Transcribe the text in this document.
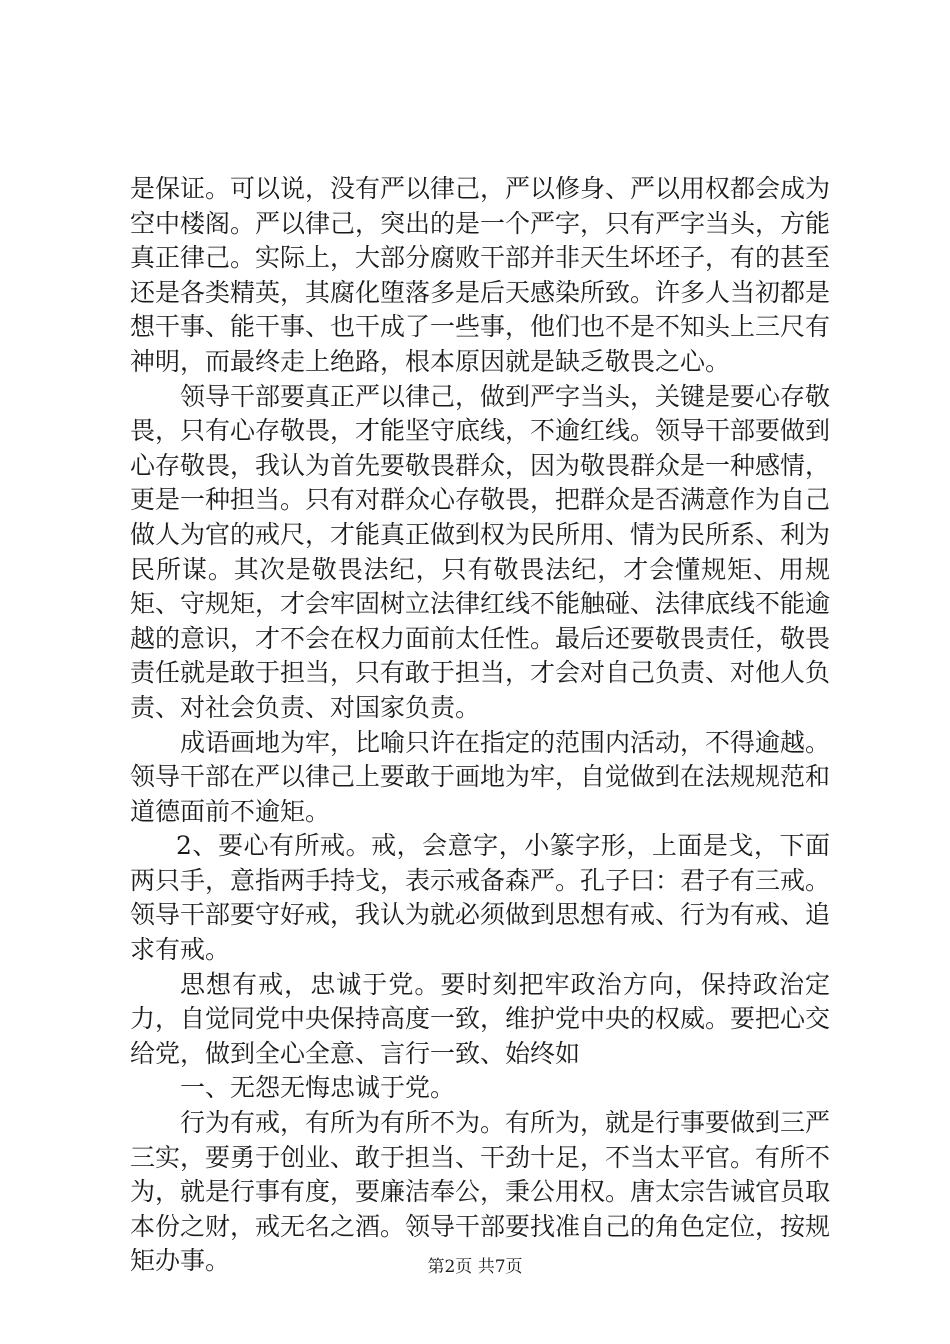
是保证。可以说，没有严以律己，严以修身、严以用权都会成为空中楼阁。严以律己，突出的是一个严字，只有严字当头，方能真正律己。实际上，大部分腐败干部并非天生坏坯子，有的甚至还是各类精英，其腐化堕落多是后天感染所致。许多人当初都是想干事、能干事、也干成了一些事，他们也不是不知头上三尺有神明，而最终走上绝路，根本原因就是缺乏敬畏之心。

领导干部要真正严以律己，做到严字当头，关键是要心存敬畏，只有心存敬畏，才能坚守底线，不逾红线。领导干部要做到心存敬畏，我认为首先要敬畏群众，因为敬畏群众是一种感情，更是一种担当。只有对群众心存敬畏，把群众是否满意作为自己做人为官的戒尺，才能真正做到权为民所用、情为民所系、利为民所谋。其次是敬畏法纪，只有敬畏法纪，才会懂规矩、用规矩、守规矩，才会牢固树立法律红线不能触碰、法律底线不能逾越的意识，才不会在权力面前太任性。最后还要敬畏责任，敬畏责任就是敢于担当，只有敢于担当，才会对自己负责、对他人负责、对社会负责、对国家负责。

成语画地为牢，比喻只许在指定的范围内活动，不得逾越。领导干部在严以律己上要敢于画地为牢，自觉做到在法规规范和道德面前不逾矩。

2、要心有所戒。戒，会意字，小篆字形，上面是戈，下面两只手，意指两手持戈，表示戒备森严。孔子曰：君子有三戒。领导干部要守好戒，我认为就必须做到思想有戒、行为有戒、追求有戒。

思想有戒，忠诚于党。要时刻把牢政治方向，保持政治定力，自觉同党中央保持高度一致，维护党中央的权威。要把心交给党，做到全心全意、言行一致、始终如

一、无怨无悔忠诚于党。

行为有戒，有所为有所不为。有所为，就是行事要做到三严三实，要勇于创业、敢于担当、干劲十足，不当太平官。有所不为，就是行事有度，要廉洁奉公，秉公用权。唐太宗告诫官员取本份之财，戒无名之酒。领导干部要找准自己的角色定位，按规矩办事。	第2页 共7页
